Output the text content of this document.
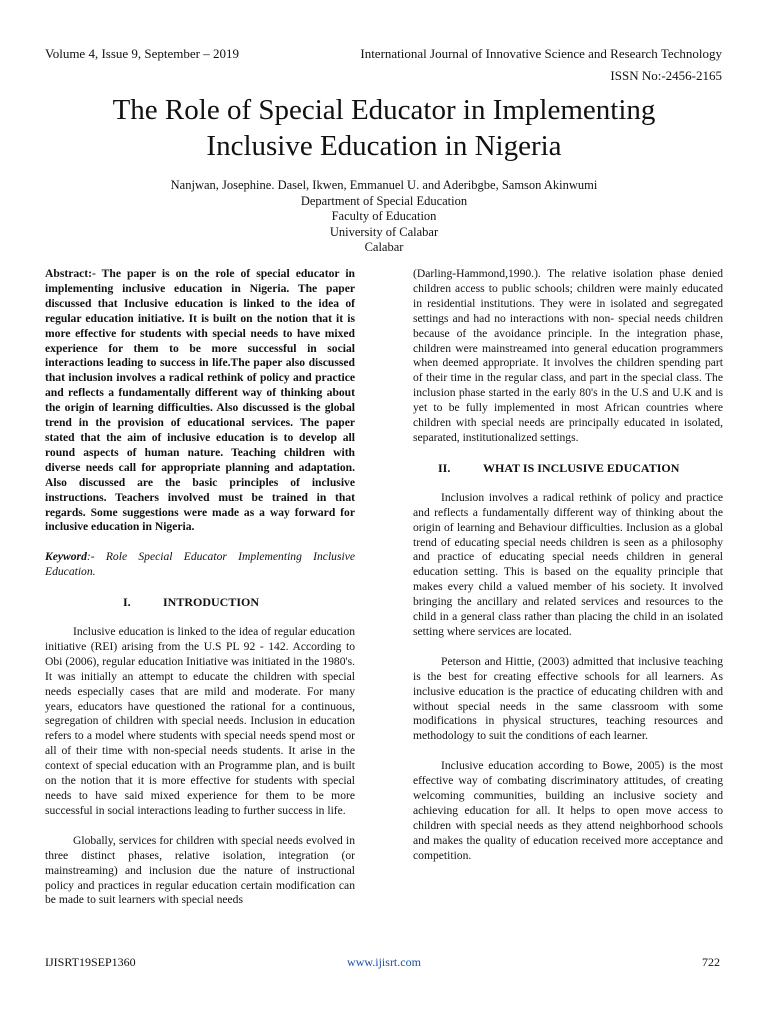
Volume 4, Issue 9, September – 2019	International Journal of Innovative Science and Research Technology
ISSN No:-2456-2165
The Role of Special Educator in Implementing
Inclusive Education in Nigeria
Nanjwan, Josephine. Dasel, Ikwen, Emmanuel U. and Aderibgbe, Samson Akinwumi
Department of Special Education
Faculty of Education
University of Calabar
Calabar

Abstract:- The paper is on the role of special educator in implementing inclusive education in Nigeria. The paper discussed that Inclusive education is linked to the idea of regular education initiative. It is built on the notion that it is more effective for students with special needs to have mixed experience for them to be more successful in social interactions leading to success in life.The paper also discussed that inclusion involves a radical rethink of policy and practice and reflects a fundamentally different way of thinking about the origin of learning difficulties. Also discussed is the global trend in the provision of educational services. The paper stated that the aim of inclusive education is to develop all round aspects of human nature. Teaching children with diverse needs call for appropriate planning and adaptation. Also discussed are the basic principles of inclusive instructions. Teachers involved must be trained in that regards. Some suggestions were made as a way forward for inclusive education in Nigeria.

Keyword:- Role Special Educator Implementing Inclusive Education.

I.	INTRODUCTION

Inclusive education is linked to the idea of regular education initiative (REI) arising from the U.S PL 92 - 142. According to Obi (2006), regular education Initiative was initiated in the 1980's. It was initially an attempt to educate the children with special needs especially cases that are mild and moderate. For many years, educators have questioned the rational for a continuous, segregation of children with special needs. Inclusion in education refers to a model where students with special needs spend most or all of their time with non-special needs students. It arise in the context of special education with an Programme plan, and is built on the notion that it is more effective for students with special needs to have said mixed experience for them to be more successful in social interactions leading to further success in life.

Globally, services for children with special needs evolved in three distinct phases, relative isolation, integration (or mainstreaming) and inclusion due the nature of instructional policy and practices in regular education certain modification can be made to suit learners with special needs

(Darling-Hammond,1990.). The relative isolation phase denied children access to public schools; children were mainly educated in residential institutions. They were in isolated and segregated settings and had no interactions with non- special needs children because of the avoidance principle. In the integration phase, children were mainstreamed into general education programmers when deemed appropriate. It involves the children spending part of their time in the regular class, and part in the special class. The inclusion phase started in the early 80's in the U.S and U.K and is yet to be fully implemented in most African countries where children with special needs are principally educated in isolated, separated, institutionalized settings.

II.	WHAT IS INCLUSIVE EDUCATION

Inclusion involves a radical rethink of policy and practice and reflects a fundamentally different way of thinking about the origin of learning and Behaviour difficulties. Inclusion as a global trend of educating special needs children is seen as a philosophy and practice of educating special needs children in general education setting. This is based on the equality principle that makes every child a valued member of his society. It involved bringing the ancillary and related services and resources to the child in a general class rather than placing the child in an isolated setting where services are located.

Peterson and Hittie, (2003) admitted that inclusive teaching is the best for creating effective schools for all learners. As inclusive education is the practice of educating children with and without special needs in the same classroom with some modifications in physical structures, teaching resources and methodology to suit the conditions of each learner.

Inclusive education according to Bowe, 2005) is the most effective way of combating discriminatory attitudes, of creating welcoming communities, building an inclusive society and achieving education for all. It helps to open move access to children with special needs as they attend neighborhood schools and makes the quality of education received more acceptance and competition.

IJISRT19SEP1360	www.ijisrt.com	722
